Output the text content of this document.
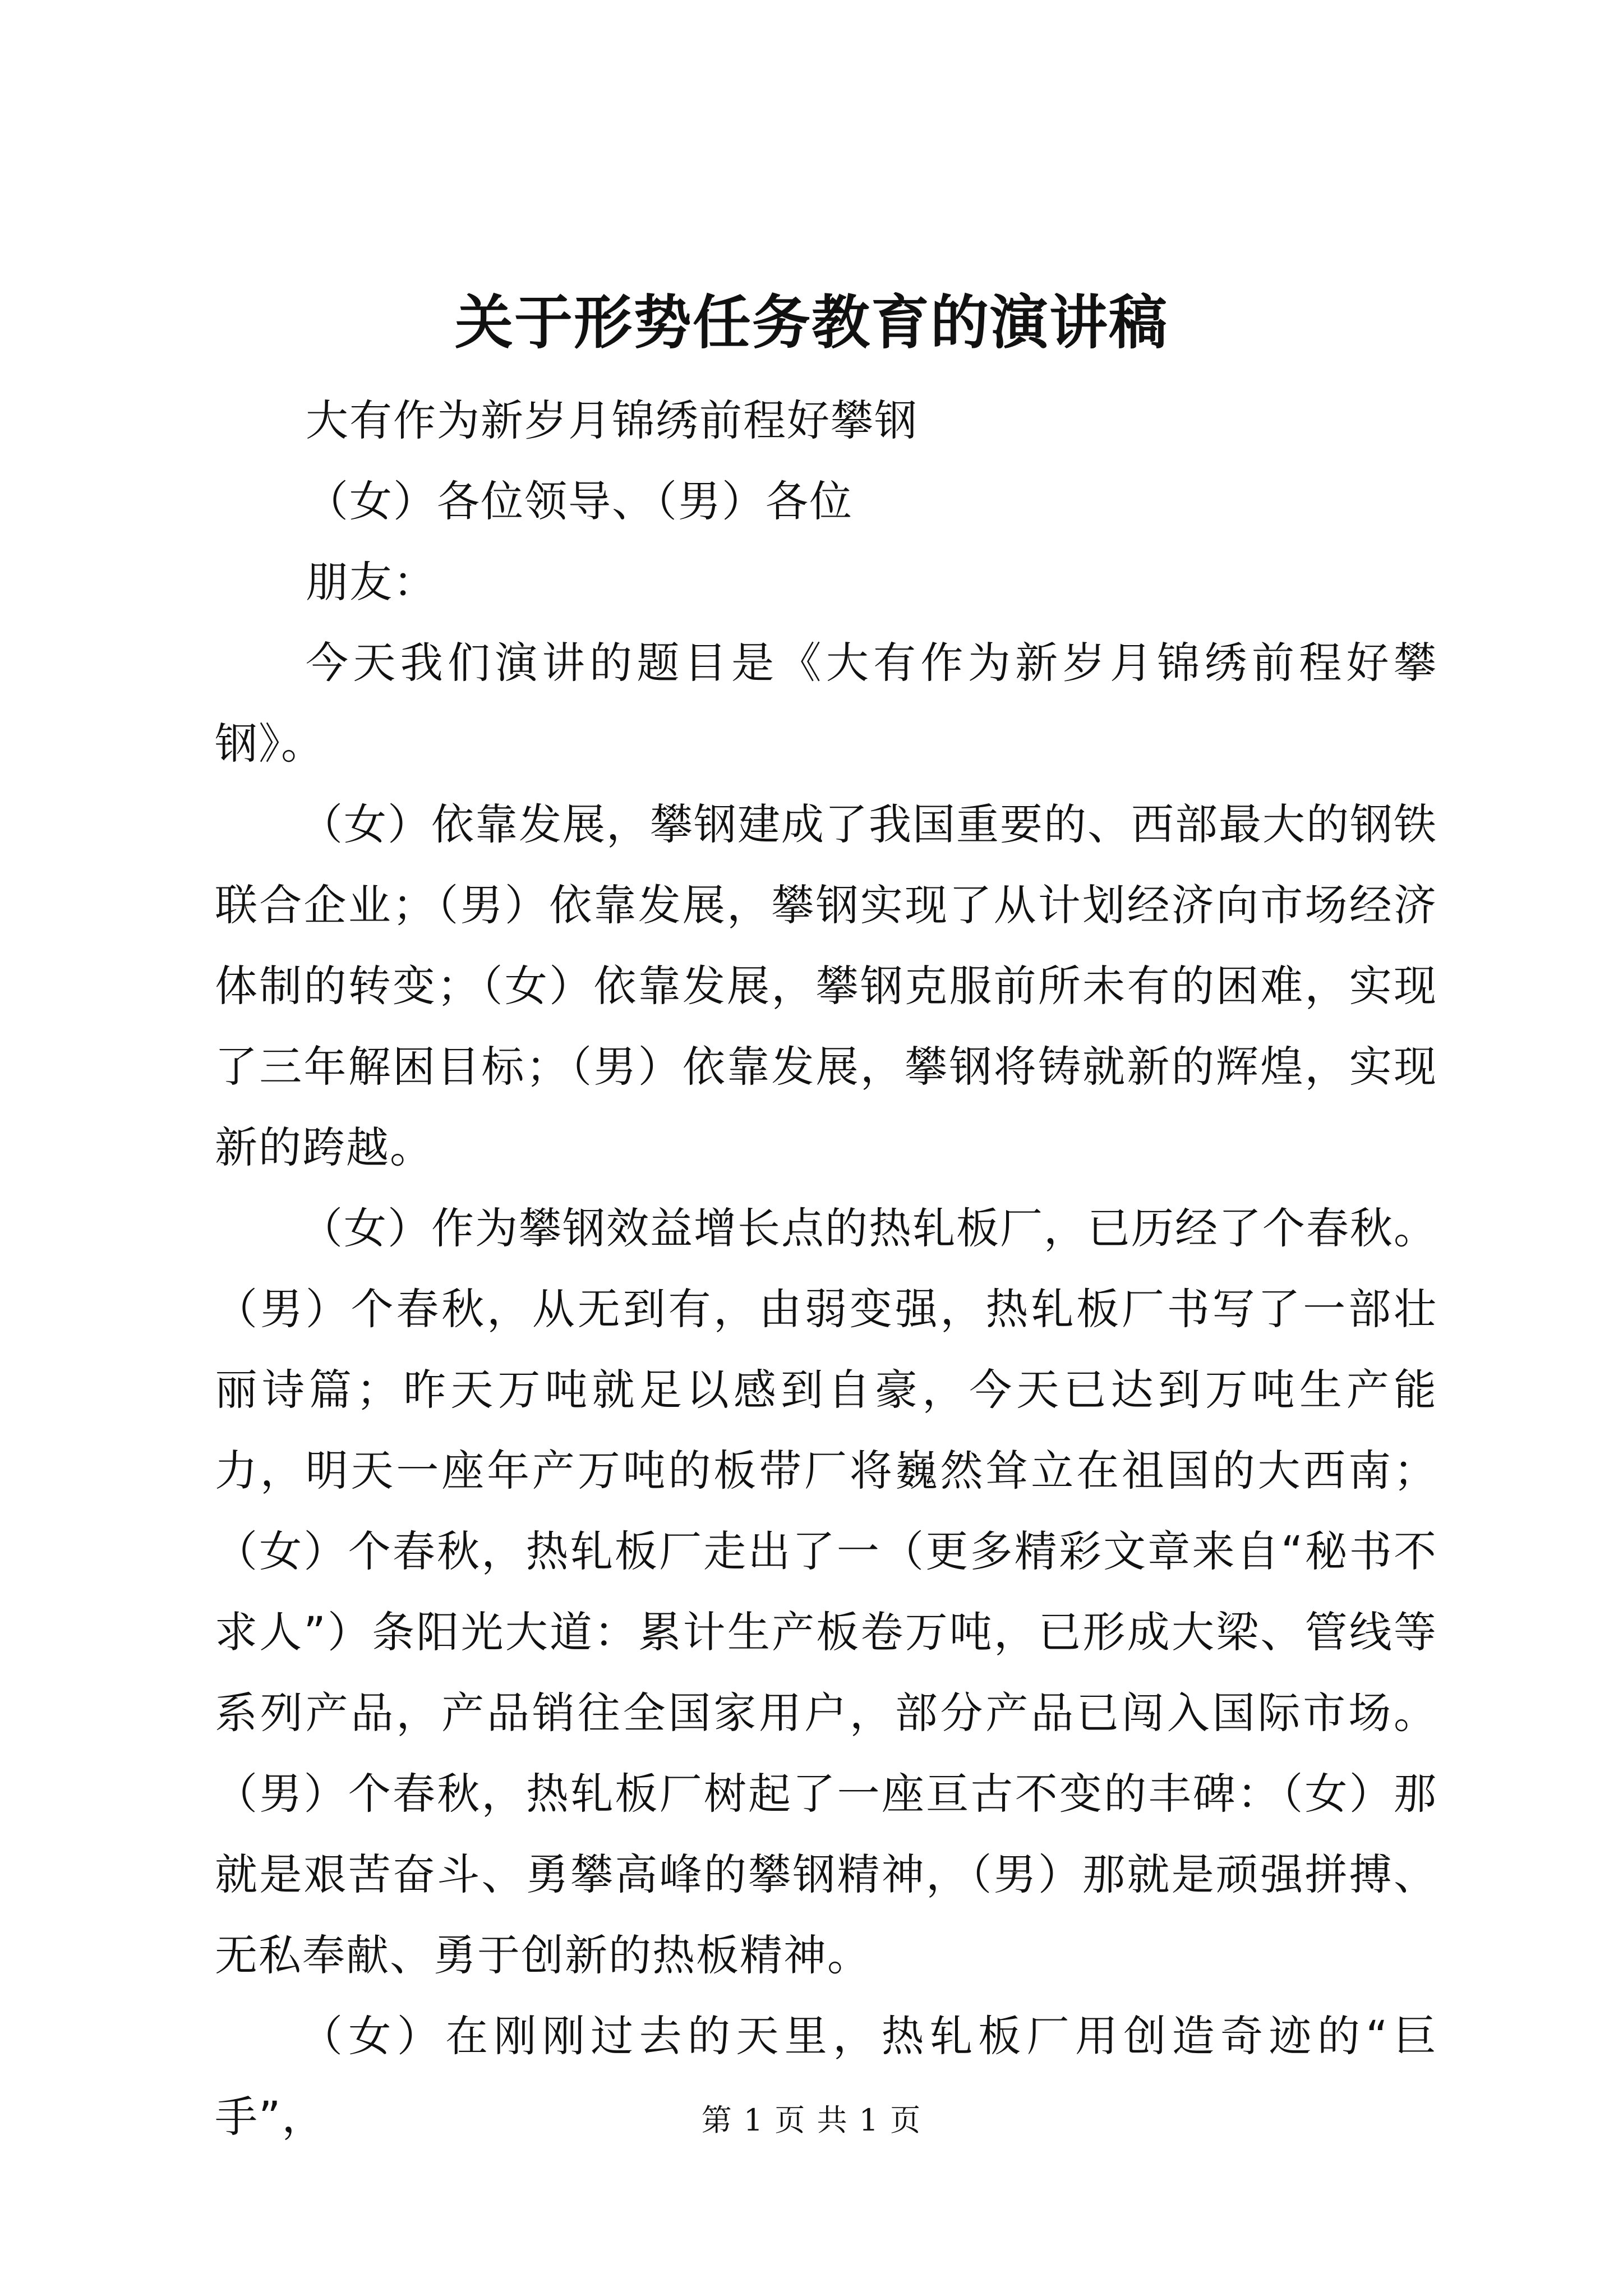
关于形势任务教育的演讲稿

大有作为新岁月锦绣前程好攀钢

（女）各位领导、（男）各位

朋友：

今天我们演讲的题目是《大有作为新岁月锦绣前程好攀钢》。

（女）依靠发展，攀钢建成了我国重要的、西部最大的钢铁联合企业；（男）依靠发展，攀钢实现了从计划经济向市场经济体制的转变；（女）依靠发展，攀钢克服前所未有的困难，实现了三年解困目标；（男）依靠发展，攀钢将铸就新的辉煌，实现新的跨越。

（女）作为攀钢效益增长点的热轧板厂，已历经了个春秋。（男）个春秋，从无到有，由弱变强，热轧板厂书写了一部壮丽诗篇；昨天万吨就足以感到自豪，今天已达到万吨生产能力，明天一座年产万吨的板带厂将巍然耸立在祖国的大西南；（女）个春秋，热轧板厂走出了一（更多精彩文章来自“秘书不求人”）条阳光大道：累计生产板卷万吨，已形成大梁、管线等系列产品，产品销往全国家用户，部分产品已闯入国际市场。（男）个春秋，热轧板厂树起了一座亘古不变的丰碑：（女）那就是艰苦奋斗、勇攀高峰的攀钢精神，（男）那就是顽强拼搏、无私奉献、勇于创新的热板精神。

（女）在刚刚过去的天里，热轧板厂用创造奇迹的“巨手”，	第 1 页 共 1 页
